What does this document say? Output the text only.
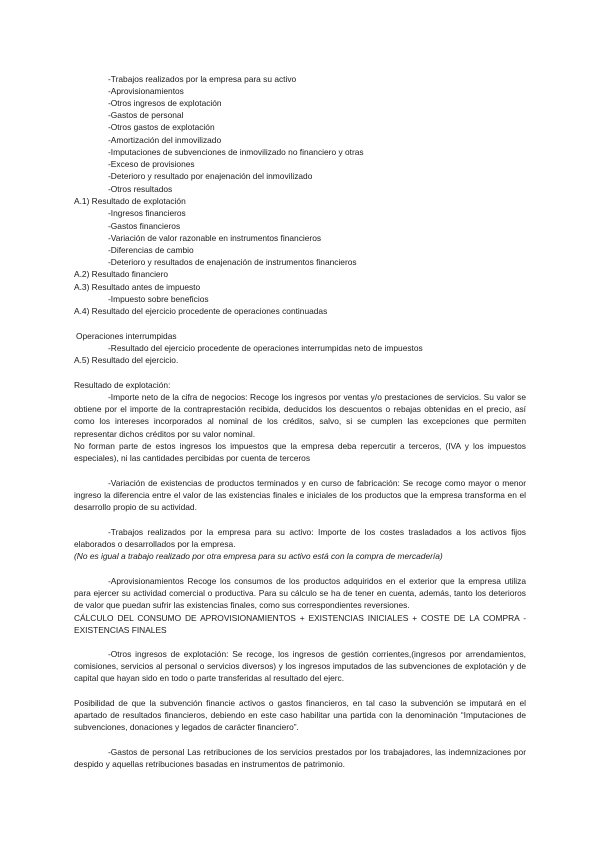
-Trabajos realizados por la empresa para su activo
-Aprovisionamientos
-Otros ingresos de explotación
-Gastos de personal
-Otros gastos de explotación
-Amortización del inmovilizado
-Imputaciones de subvenciones de inmovilizado no financiero y otras
-Exceso de provisiones
-Deterioro y resultado por enajenación del inmovilizado
-Otros resultados
A.1) Resultado de explotación
-Ingresos financieros
-Gastos financieros
-Variación de valor razonable en instrumentos financieros
-Diferencias de cambio
-Deterioro y resultados de enajenación de instrumentos financieros
A.2) Resultado financiero
A.3) Resultado antes de impuesto
-Impuesto sobre beneficios
A.4) Resultado del ejercicio procedente de operaciones continuadas
Operaciones interrumpidas
-Resultado del ejercicio procedente de operaciones interrumpidas neto de impuestos
A.5) Resultado del ejercicio.
Resultado de explotación:

-Importe neto de la cifra de negocios: Recoge los ingresos por ventas y/o prestaciones de servicios. Su valor se obtiene por el importe de la contraprestación recibida, deducidos los descuentos o rebajas obtenidas en el precio, así como los intereses incorporados al nominal de los créditos, salvo, si se cumplen las excepciones que permiten representar dichos créditos por su valor nominal.

No forman parte de estos ingresos los impuestos que la empresa deba repercutir a terceros, (IVA y los impuestos especiales), ni las cantidades percibidas por cuenta de terceros

-Variación de existencias de productos terminados y en curso de fabricación: Se recoge como mayor o menor ingreso la diferencia entre el valor de las existencias finales e iniciales de los productos que la empresa transforma en el desarrollo propio de su actividad.

-Trabajos realizados por la empresa para su activo: Importe de los costes trasladados a los activos fijos elaborados o desarrollados por la empresa.

(No es igual a trabajo realizado por otra empresa para su activo está con la compra de mercadería)

-Aprovisionamientos Recoge los consumos de los productos adquiridos en el exterior que la empresa utiliza para ejercer su actividad comercial o productiva. Para su cálculo se ha de tener en cuenta, además, tanto los deterioros de valor que puedan sufrir las existencias finales, como sus correspondientes reversiones.

CÁLCULO DEL CONSUMO DE APROVISIONAMIENTOS + EXISTENCIAS INICIALES + COSTE DE LA COMPRA - EXISTENCIAS FINALES

-Otros ingresos de explotación: Se recoge, los ingresos de gestión corrientes,(ingresos por arrendamientos, comisiones, servicios al personal o servicios diversos) y los ingresos imputados de las subvenciones de explotación y de capital que hayan sido en todo o parte transferidas al resultado del ejerc.

Posibilidad de que la subvención financie activos o gastos financieros, en tal caso la subvención se imputará en el apartado de resultados financieros, debiendo en este caso habilitar una partida con la denominación “Imputaciones de subvenciones, donaciones y legados de carácter financiero”.

-Gastos de personal Las retribuciones de los servicios prestados por los trabajadores, las indemnizaciones por despido y aquellas retribuciones basadas en instrumentos de patrimonio.
